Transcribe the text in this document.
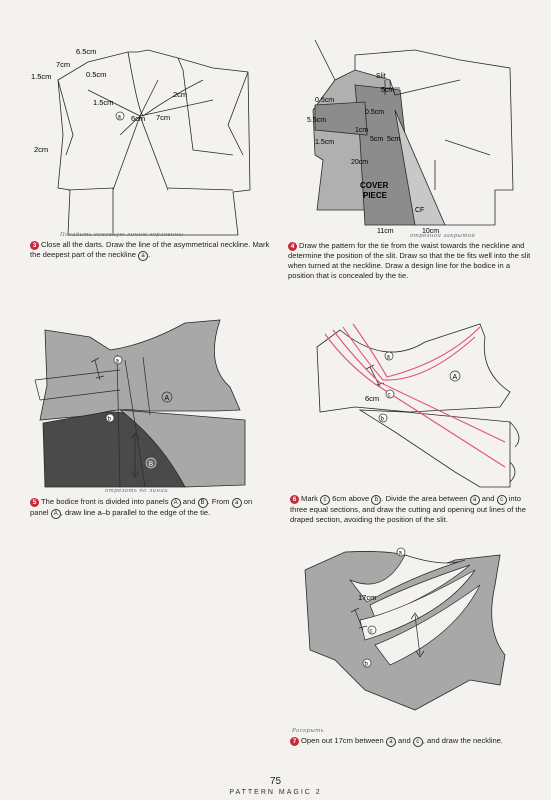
6.5cm
7cm
1.5cm	0.5cm
1.5cm
2cm
6cm 7cm
2cm
a
Посадить основную линию горловины
3 Close all the darts. Draw the line of the asymmetrical neckline. Mark the deepest part of the neckline a .
Slit
5cm
0.5cm
0.5cm
5.5cm
1cm
5cm 5cm
1.5cm
20cm
COVER
PIECE
CF
11cm	10cm
отрезной закрытой
4 Draw the pattern for the tie from the waist towards the neckline and determine the position of the slit. Draw so that the tie fits well into the slit when turned at the neckline. Draw a design line for the bodice in a position that is concealed by the tie.
a
A
b
B
отрезать по линии
5 The bodice front is divided into panels A and B . From a on panel A , draw line a–b parallel to the edge of the tie.
a
A
6cm c
b
6 Mark c 6cm above b . Divide the area between a and c into three equal sections, and draw the cutting and opening out lines of the draped section, avoiding the position of the slit.
a
17cm
c
b
Раскрыть
7 Open out 17cm between a and c , and draw the neckline.
75
PATTERN MAGIC 2
